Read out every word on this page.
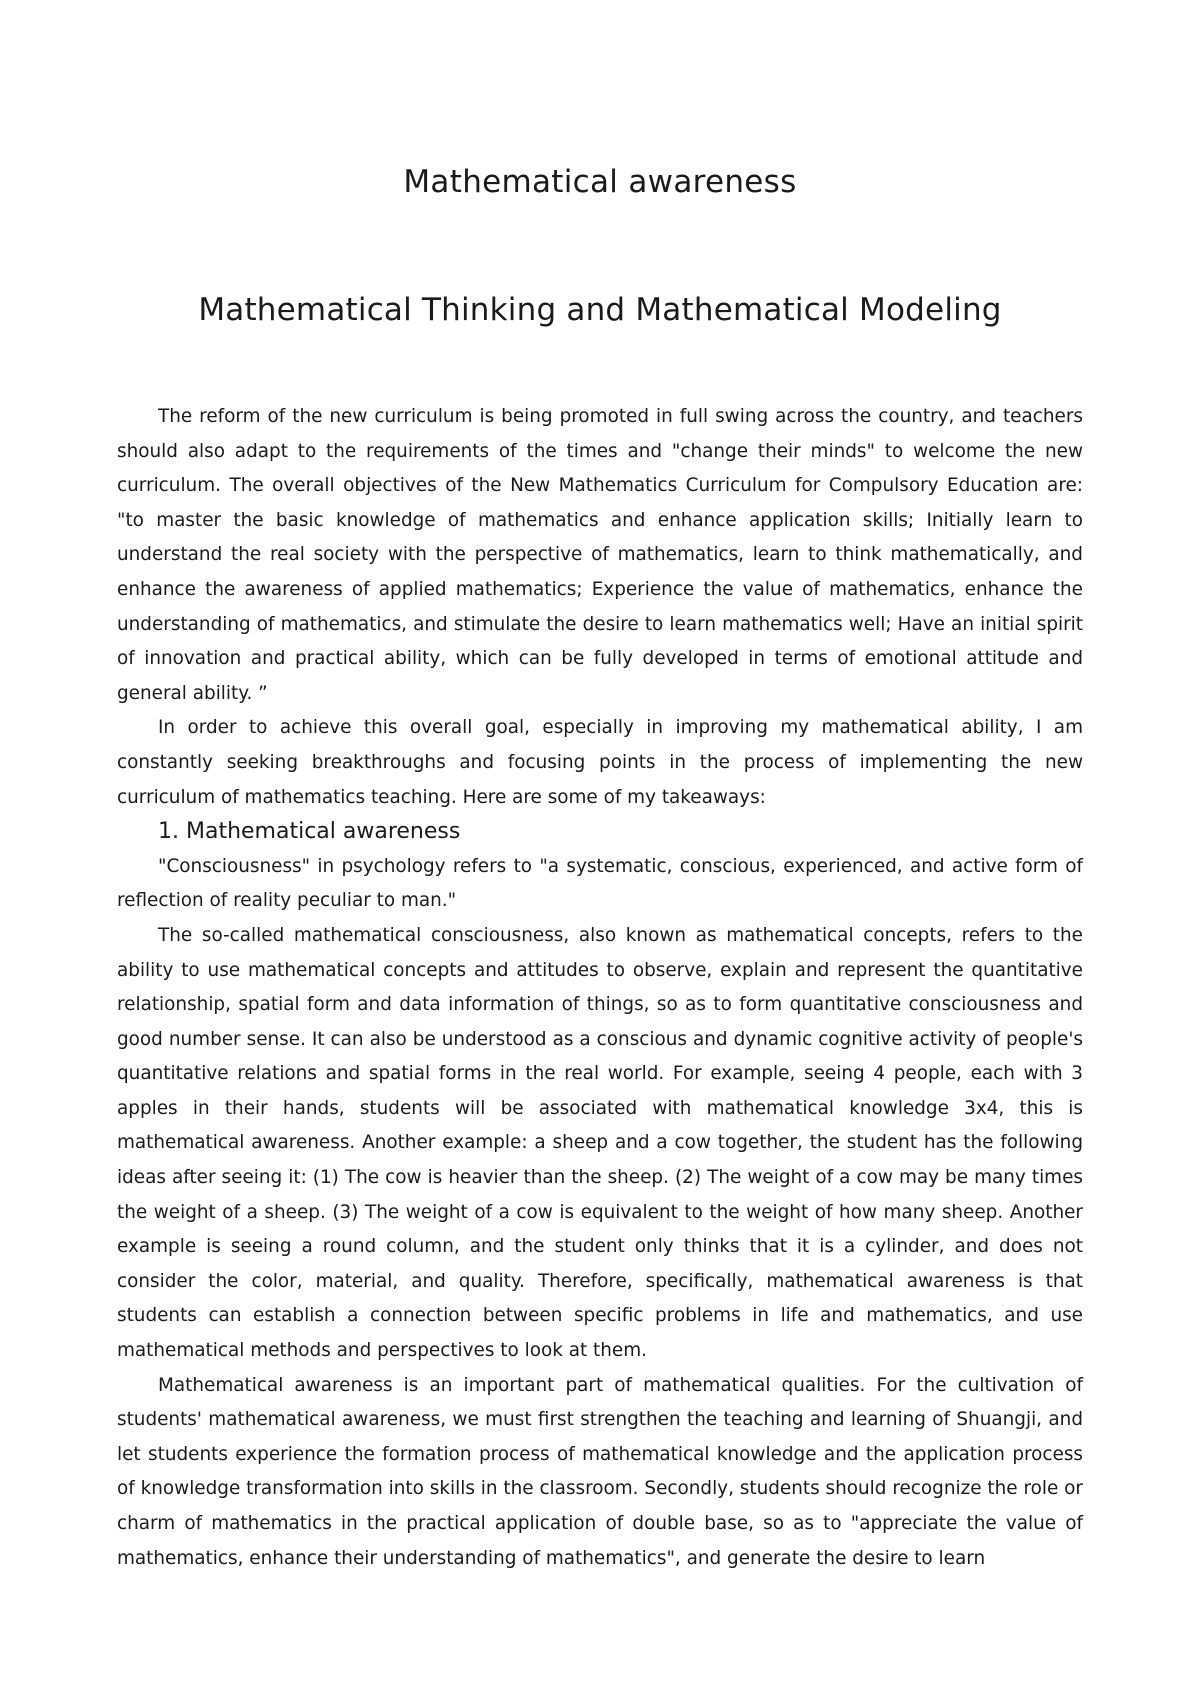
Mathematical awareness
Mathematical Thinking and Mathematical Modeling

The reform of the new curriculum is being promoted in full swing across the country, and teachers should also adapt to the requirements of the times and "change their minds" to welcome the new curriculum. The overall objectives of the New Mathematics Curriculum for Compulsory Education are: "to master the basic knowledge of mathematics and enhance application skills; Initially learn to understand the real society with the perspective of mathematics, learn to think mathematically, and enhance the awareness of applied mathematics; Experience the value of mathematics, enhance the understanding of mathematics, and stimulate the desire to learn mathematics well; Have an initial spirit of innovation and practical ability, which can be fully developed in terms of emotional attitude and general ability. ”

In order to achieve this overall goal, especially in improving my mathematical ability, I am constantly seeking breakthroughs and focusing points in the process of implementing the new curriculum of mathematics teaching. Here are some of my takeaways:

1. Mathematical awareness

"Consciousness" in psychology refers to "a systematic, conscious, experienced, and active form of reflection of reality peculiar to man."

The so-called mathematical consciousness, also known as mathematical concepts, refers to the ability to use mathematical concepts and attitudes to observe, explain and represent the quantitative relationship, spatial form and data information of things, so as to form quantitative consciousness and good number sense. It can also be understood as a conscious and dynamic cognitive activity of people's quantitative relations and spatial forms in the real world. For example, seeing 4 people, each with 3 apples in their hands, students will be associated with mathematical knowledge 3x4, this is mathematical awareness. Another example: a sheep and a cow together, the student has the following ideas after seeing it: (1) The cow is heavier than the sheep. (2) The weight of a cow may be many times the weight of a sheep. (3) The weight of a cow is equivalent to the weight of how many sheep. Another example is seeing a round column, and the student only thinks that it is a cylinder, and does not consider the color, material, and quality. Therefore, specifically, mathematical awareness is that students can establish a connection between specific problems in life and mathematics, and use mathematical methods and perspectives to look at them.

Mathematical awareness is an important part of mathematical qualities. For the cultivation of students' mathematical awareness, we must first strengthen the teaching and learning of Shuangji, and let students experience the formation process of mathematical knowledge and the application process of knowledge transformation into skills in the classroom. Secondly, students should recognize the role or charm of mathematics in the practical application of double base, so as to "appreciate the value of mathematics, enhance their understanding of mathematics", and generate the desire to learn
